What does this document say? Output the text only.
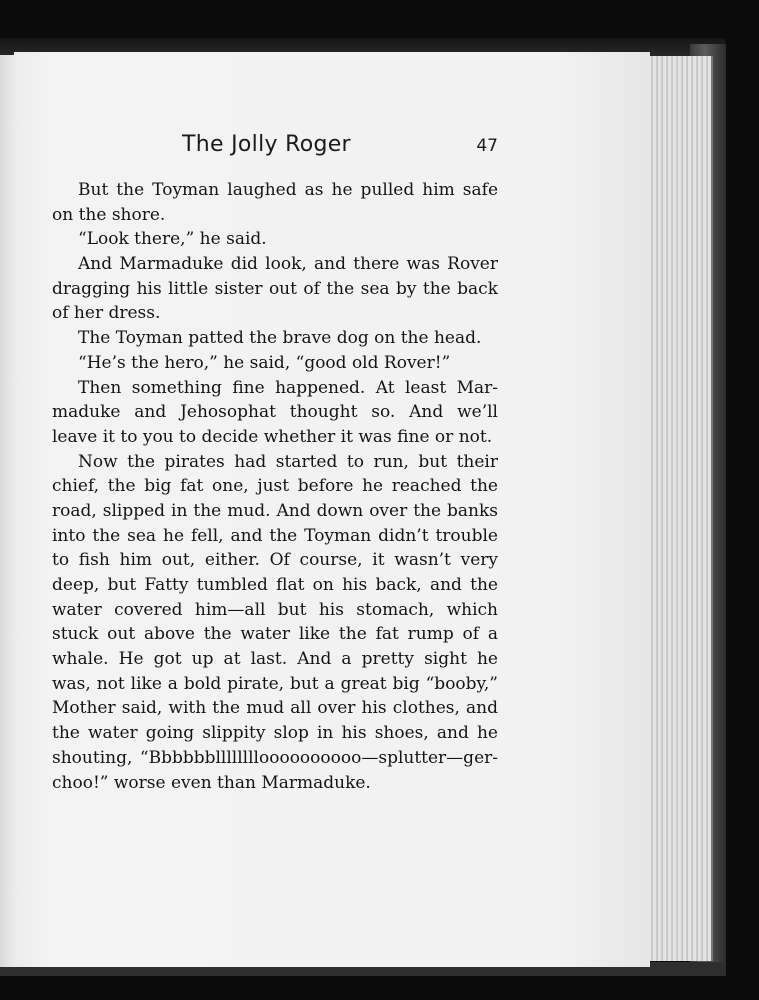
The Jolly Roger	47
But the Toyman laughed as he pulled him safe
on the shore.
“Look there,” he said.
And Marmaduke did look, and there was Rover
dragging his little sister out of the sea by the back
of her dress.
The Toyman patted the brave dog on the head.
“He’s the hero,” he said, “good old Rover!”
Then something fine happened. At least Mar-
maduke and Jehosophat thought so. And we’ll
leave it to you to decide whether it was fine or not.
Now the pirates had started to run, but their
chief, the big fat one, just before he reached the
road, slipped in the mud. And down over the banks
into the sea he fell, and the Toyman didn’t trouble
to fish him out, either. Of course, it wasn’t very
deep, but Fatty tumbled flat on his back, and the
water covered him—all but his stomach, which
stuck out above the water like the fat rump of a
whale. He got up at last. And a pretty sight he
was, not like a bold pirate, but a great big “booby,”
Mother said, with the mud all over his clothes, and
the water going slippity slop in his shoes, and he
shouting, “Bbbbbblllllllloooooooooo—splutter—ger-
choo!” worse even than Marmaduke.
